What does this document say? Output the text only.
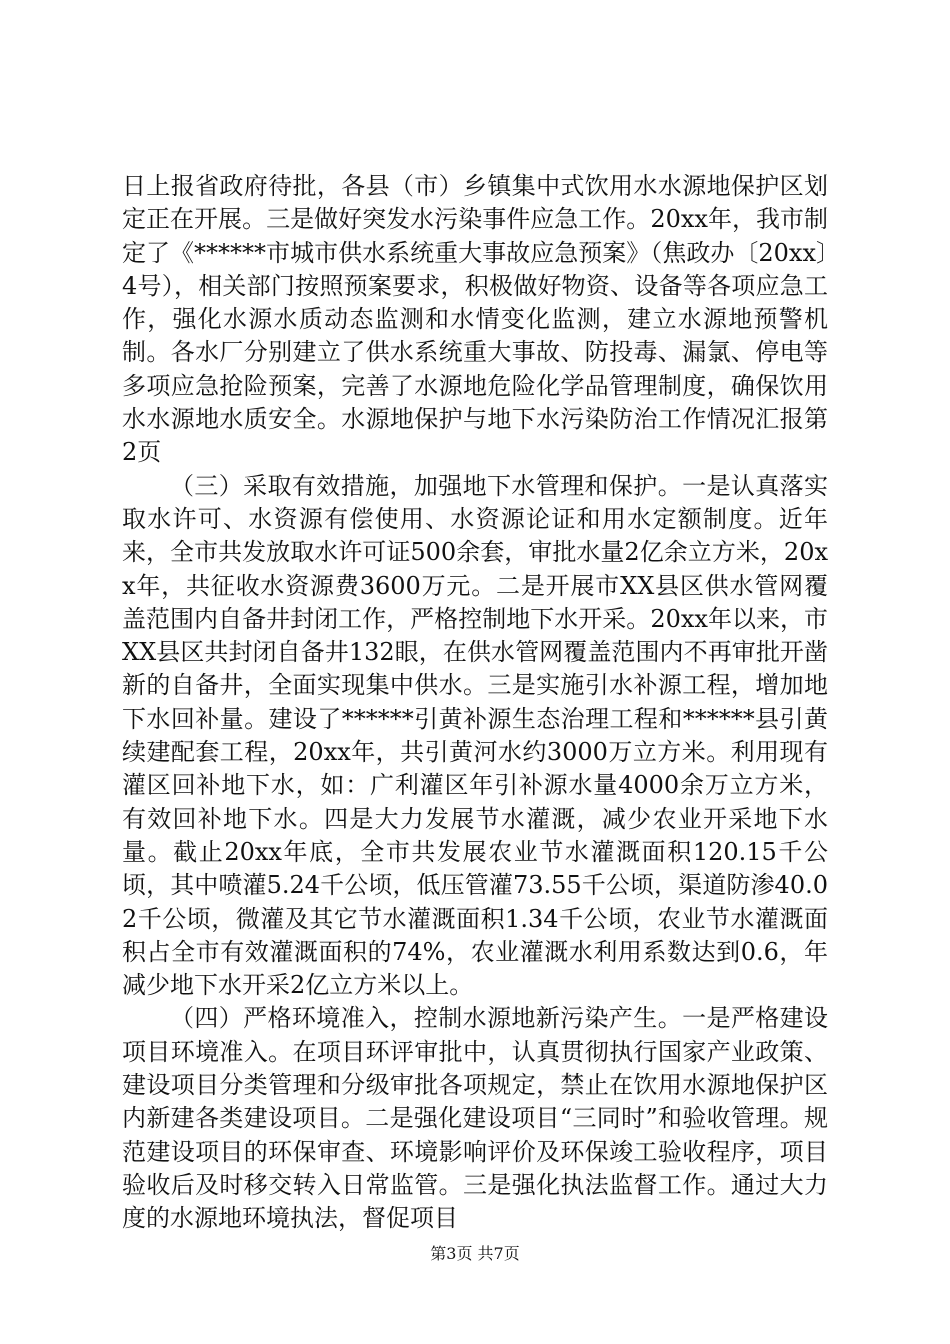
日上报省政府待批，各县（市）乡镇集中式饮用水水源地保护区划定正在开展。三是做好突发水污染事件应急工作。20xx年，我市制定了《******市城市供水系统重大事故应急预案》（焦政办〔20xx〕4号），相关部门按照预案要求，积极做好物资、设备等各项应急工作，强化水源水质动态监测和水情变化监测，建立水源地预警机制。各水厂分别建立了供水系统重大事故、防投毒、漏氯、停电等多项应急抢险预案，完善了水源地危险化学品管理制度，确保饮用水水源地水质安全。水源地保护与地下水污染防治工作情况汇报第2页

（三）采取有效措施，加强地下水管理和保护。一是认真落实取水许可、水资源有偿使用、水资源论证和用水定额制度。近年来，全市共发放取水许可证500余套，审批水量2亿余立方米，20xx年，共征收水资源费3600万元。二是开展市XX县区供水管网覆盖范围内自备井封闭工作，严格控制地下水开采。20xx年以来，市XX县区共封闭自备井132眼，在供水管网覆盖范围内不再审批开凿新的自备井，全面实现集中供水。三是实施引水补源工程，增加地下水回补量。建设了******引黄补源生态治理工程和******县引黄续建配套工程，20xx年，共引黄河水约3000万立方米。利用现有灌区回补地下水，如：广利灌区年引补源水量4000余万立方米，有效回补地下水。四是大力发展节水灌溉，减少农业开采地下水量。截止20xx年底，全市共发展农业节水灌溉面积120.15千公顷，其中喷灌5.24千公顷，低压管灌73.55千公顷，渠道防渗40.02千公顷，微灌及其它节水灌溉面积1.34千公顷，农业节水灌溉面积占全市有效灌溉面积的74%，农业灌溉水利用系数达到0.6，年减少地下水开采2亿立方米以上。

（四）严格环境准入，控制水源地新污染产生。一是严格建设项目环境准入。在项目环评审批中，认真贯彻执行国家产业政策、建设项目分类管理和分级审批各项规定，禁止在饮用水源地保护区内新建各类建设项目。二是强化建设项目“三同时”和验收管理。规范建设项目的环保审查、环境影响评价及环保竣工验收程序，项目验收后及时移交转入日常监管。三是强化执法监督工作。通过大力度的水源地环境执法，督促项目

第3页 共7页
